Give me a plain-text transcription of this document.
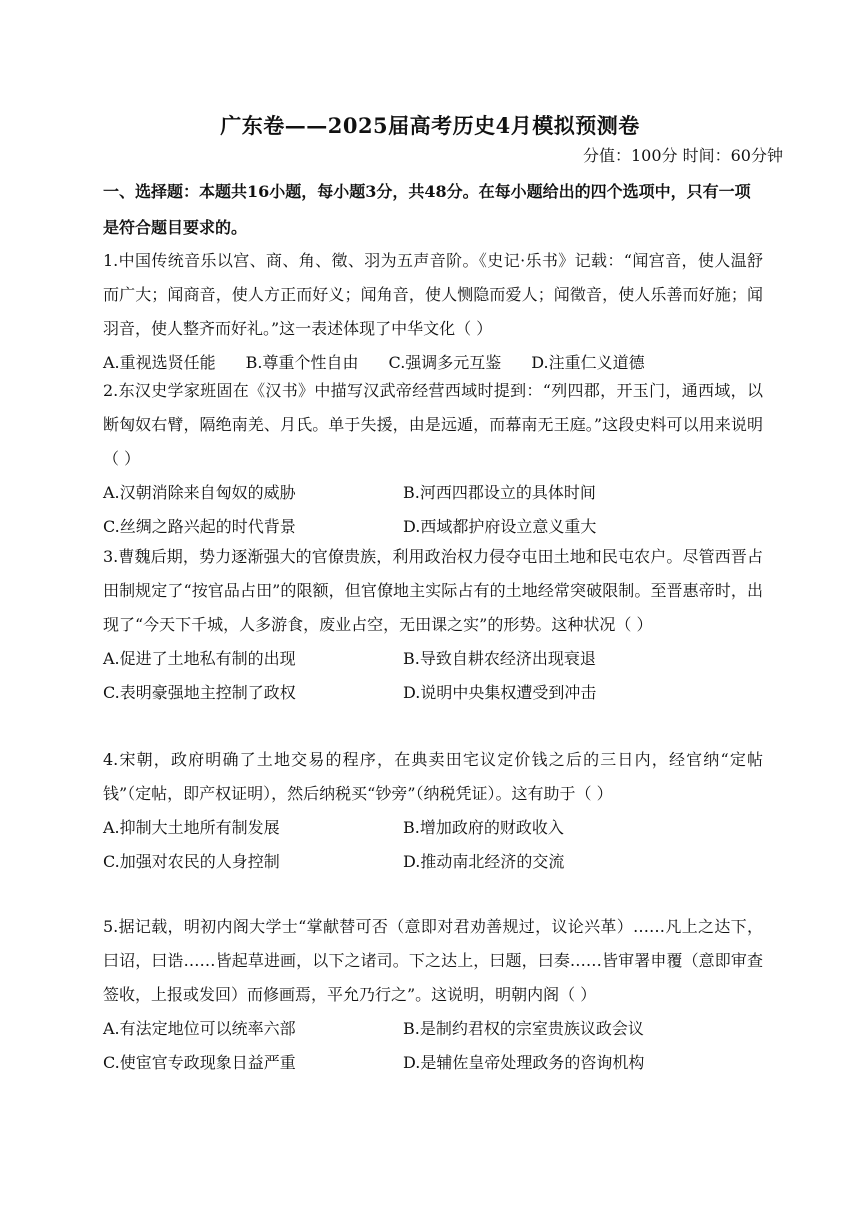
广东卷——2025届高考历史4月模拟预测卷
分值：100分 时间：60分钟
一、选择题：本题共16小题，每小题3分，共48分。在每小题给出的四个选项中，只有一项是符合题目要求的。
1.中国传统音乐以宫、商、角、徵、羽为五声音阶。《史记·乐书》记载：“闻宫音，使人温舒而广大；闻商音，使人方正而好义；闻角音，使人恻隐而爱人；闻徵音，使人乐善而好施；闻羽音，使人整齐而好礼。”这一表述体现了中华文化（ ）
A.重视选贤任能 B.尊重个性自由 C.强调多元互鉴 D.注重仁义道德
2.东汉史学家班固在《汉书》中描写汉武帝经营西域时提到：“列四郡，开玉门，通西域，以断匈奴右臂，隔绝南羌、月氏。单于失援，由是远遁，而幕南无王庭。”这段史料可以用来说明（ ）
A.汉朝消除来自匈奴的威胁	B.河西四郡设立的具体时间
C.丝绸之路兴起的时代背景	D.西域都护府设立意义重大
3.曹魏后期，势力逐渐强大的官僚贵族，利用政治权力侵夺屯田土地和民屯农户。尽管西晋占田制规定了“按官品占田”的限额，但官僚地主实际占有的土地经常突破限制。至晋惠帝时，出现了“今天下千城，人多游食，废业占空，无田课之实”的形势。这种状况（ ）
A.促进了土地私有制的出现	B.导致自耕农经济出现衰退
C.表明豪强地主控制了政权	D.说明中央集权遭受到冲击
4.宋朝，政府明确了土地交易的程序，在典卖田宅议定价钱之后的三日内，经官纳“定帖钱”（定帖，即产权证明），然后纳税买“钞旁”（纳税凭证）。这有助于（ ）
A.抑制大土地所有制发展	B.增加政府的财政收入
C.加强对农民的人身控制	D.推动南北经济的交流
5.据记载，明初内阁大学士“掌献替可否（意即对君劝善规过，议论兴革）……凡上之达下，曰诏，曰诰……皆起草进画，以下之诸司。下之达上，曰题，曰奏……皆审署申覆（意即审查签收，上报或发回）而修画焉，平允乃行之”。这说明，明朝内阁（ ）
A.有法定地位可以统率六部	B.是制约君权的宗室贵族议政会议
C.使宦官专政现象日益严重	D.是辅佐皇帝处理政务的咨询机构
